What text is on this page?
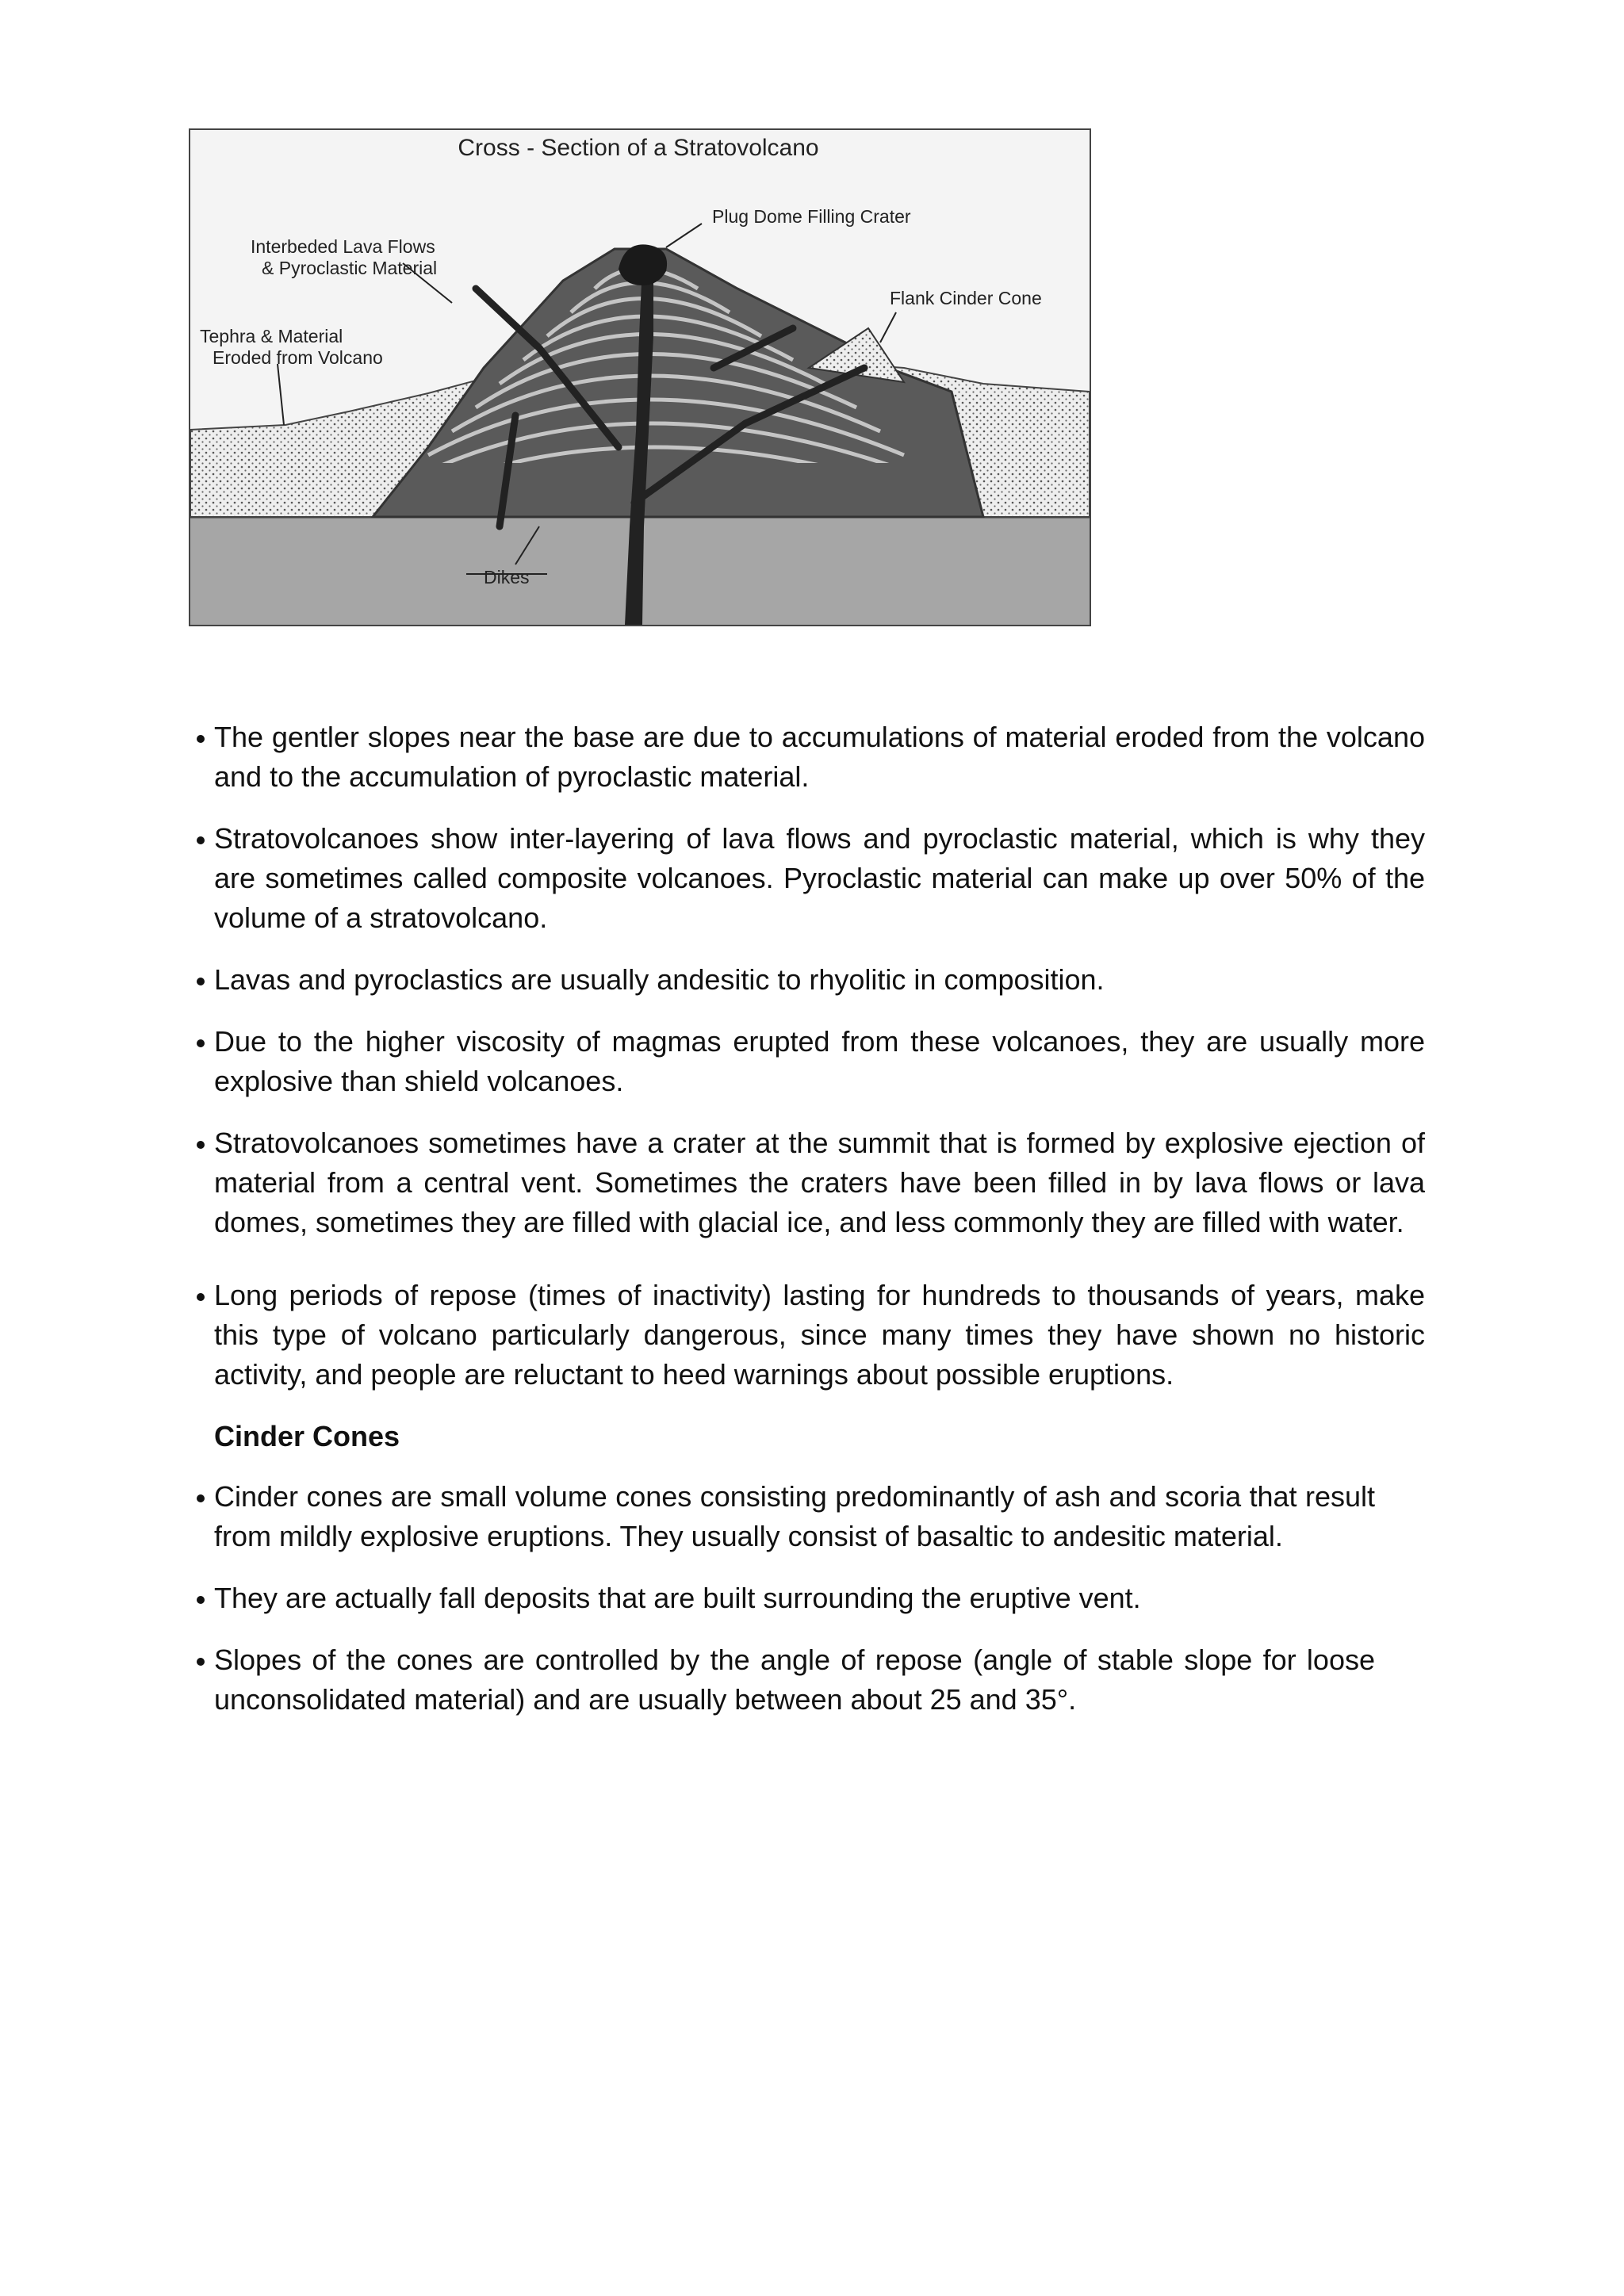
Cross - Section of a Stratovolcano
Plug Dome Filling Crater
Interbeded Lava Flows
& Pyroclastic Material
Flank Cinder Cone
Tephra & Material
Eroded from Volcano
Dikes
The gentler slopes near the base are due to accumulations of material eroded from the volcano and to the accumulation of pyroclastic material.
Stratovolcanoes show inter-layering of lava flows and pyroclastic material, which is why they are sometimes called composite volcanoes. Pyroclastic material can make up over 50% of the volume of a stratovolcano.
Lavas and pyroclastics are usually andesitic to rhyolitic in composition.
Due to the higher viscosity of magmas erupted from these volcanoes, they are usually more explosive than shield volcanoes.
Stratovolcanoes sometimes have a crater at the summit that is formed by explosive ejection of material from a central vent. Sometimes the craters have been filled in by lava flows or lava domes, sometimes they are filled with glacial ice, and less commonly they are filled with water.
Long periods of repose (times of inactivity) lasting for hundreds to thousands of years, make this type of volcano particularly dangerous, since many times they have shown no historic activity, and people are reluctant to heed warnings about possible eruptions.
Cinder Cones
Cinder cones are small volume cones consisting predominantly of ash and scoria that result from mildly explosive eruptions. They usually consist of basaltic to andesitic material.
They are actually fall deposits that are built surrounding the eruptive vent.
Slopes of the cones are controlled by the angle of repose (angle of stable slope for loose unconsolidated material) and are usually between about 25 and 35°.
